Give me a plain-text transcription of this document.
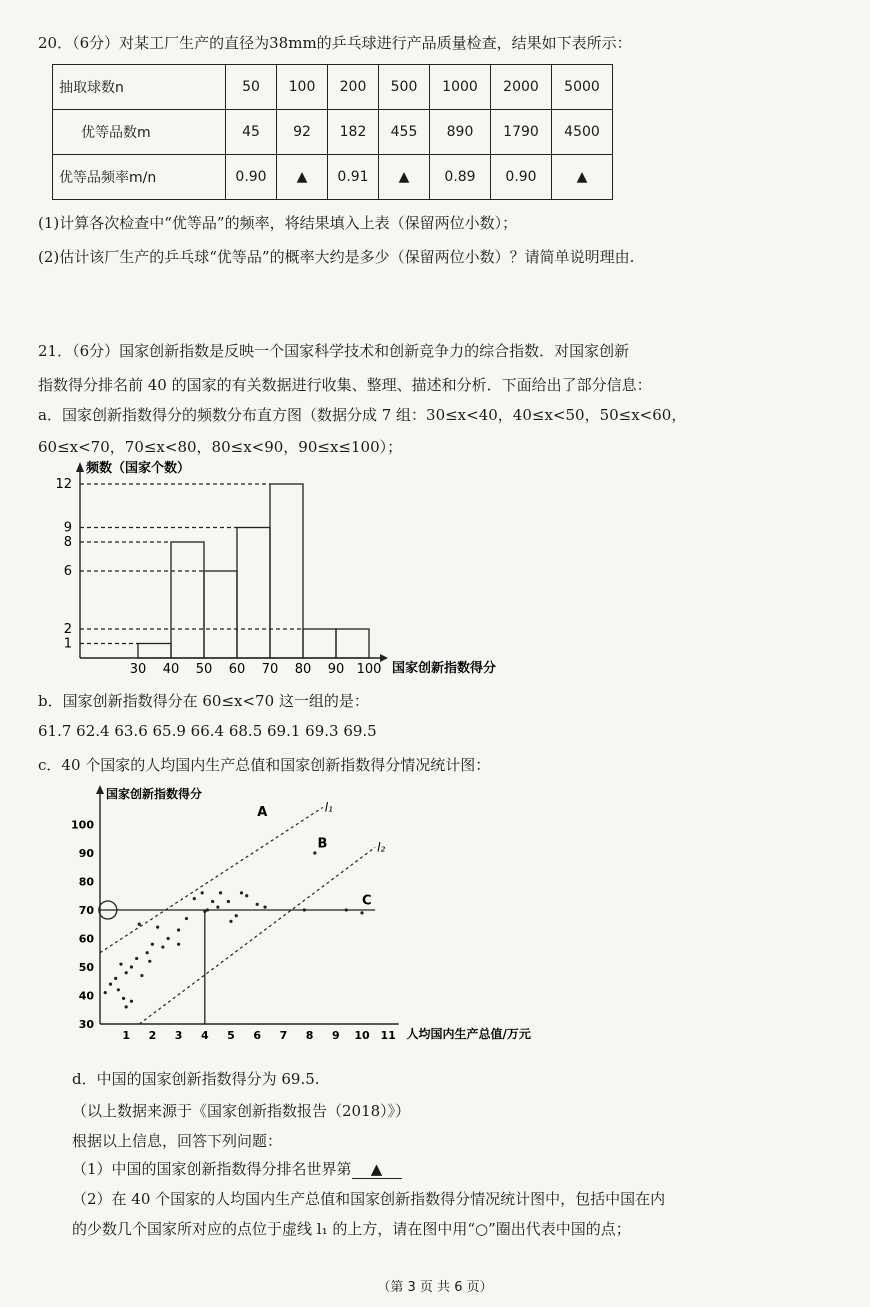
20．（6分）对某工厂生产的直径为38mm的乒乓球进行产品质量检查，结果如下表所示：
抽取球数n	50	100	200	500	1000	2000	5000
优等品数m	45	92	182	455	890	1790	4500
优等品频率m/n	0.90	▲	0.91	▲	0.89	0.90	▲
(1)计算各次检查中“优等品”的频率，将结果填入上表（保留两位小数）；
(2)估计该厂生产的乒乓球“优等品”的概率大约是多少（保留两位小数）？请简单说明理由.
21．（6分）国家创新指数是反映一个国家科学技术和创新竞争力的综合指数．对国家创新
指数得分排名前 40 的国家的有关数据进行收集、整理、描述和分析．下面给出了部分信息：
a．国家创新指数得分的频数分布直方图（数据分成 7 组：30≤x<40，40≤x<50，50≤x<60，
60≤x<70，70≤x<80，80≤x<90，90≤x≤100）；
频数（国家个数）
国家创新指数得分
1
2
6
8
9
12
30 40 50 60 70 80 90 100
b．国家创新指数得分在 60≤x<70 这一组的是：
61.7 62.4 63.6 65.9 66.4 68.5 69.1 69.3 69.5
c．40 个国家的人均国内生产总值和国家创新指数得分情况统计图：
国家创新指数得分
人均国内生产总值/万元
30
40
50
60
70
80
90
100
1 2 3 4 5 6 7 8 9 10 11
l₁
l₂
A
B
C
d．中国的国家创新指数得分为 69.5.
（以上数据来源于《国家创新指数报告（2018）》）
根据以上信息，回答下列问题：
（1）中国的国家创新指数得分排名世界第 ▲
（2）在 40 个国家的人均国内生产总值和国家创新指数得分情况统计图中，包括中国在内
的少数几个国家所对应的点位于虚线 l₁ 的上方，请在图中用“○”圈出代表中国的点；
（第 3 页 共 6 页）
